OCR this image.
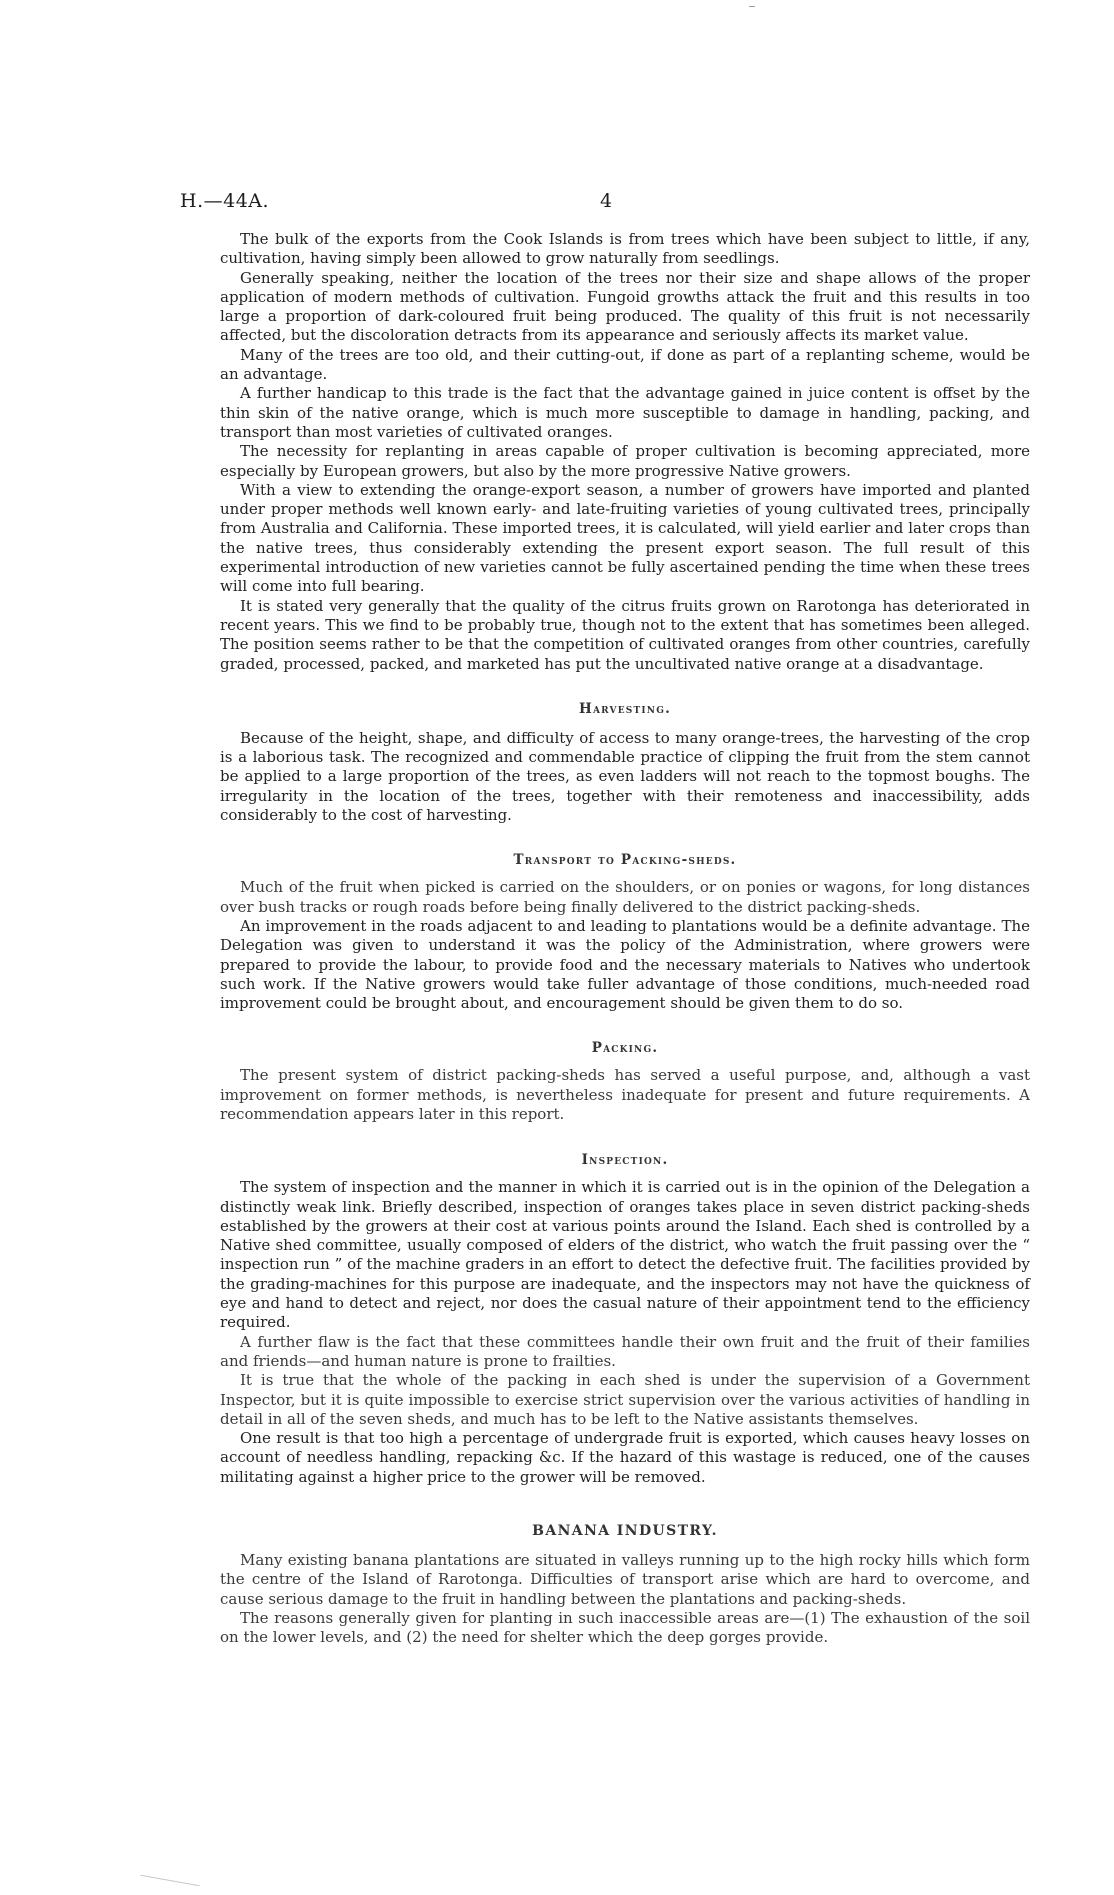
H.—44A.	4

The bulk of the exports from the Cook Islands is from trees which have been subject to little, if any, cultivation, having simply been allowed to grow naturally from seedlings.

Generally speaking, neither the location of the trees nor their size and shape allows of the proper application of modern methods of cultivation. Fungoid growths attack the fruit and this results in too large a proportion of dark-coloured fruit being produced. The quality of this fruit is not necessarily affected, but the discoloration detracts from its appearance and seriously affects its market value.

Many of the trees are too old, and their cutting-out, if done as part of a replanting scheme, would be an advantage.

A further handicap to this trade is the fact that the advantage gained in juice content is offset by the thin skin of the native orange, which is much more susceptible to damage in handling, packing, and transport than most varieties of cultivated oranges.

The necessity for replanting in areas capable of proper cultivation is becoming appreciated, more especially by European growers, but also by the more progressive Native growers.

With a view to extending the orange-export season, a number of growers have imported and planted under proper methods well known early- and late-fruiting varieties of young cultivated trees, principally from Australia and California. These imported trees, it is calculated, will yield earlier and later crops than the native trees, thus considerably extending the present export season. The full result of this experimental introduction of new varieties cannot be fully ascertained pending the time when these trees will come into full bearing.

It is stated very generally that the quality of the citrus fruits grown on Rarotonga has deteriorated in recent years. This we find to be probably true, though not to the extent that has sometimes been alleged. The position seems rather to be that the competition of cultivated oranges from other countries, carefully graded, processed, packed, and marketed has put the uncultivated native orange at a disadvantage.

Harvesting.

Because of the height, shape, and difficulty of access to many orange-trees, the harvesting of the crop is a laborious task. The recognized and commendable practice of clipping the fruit from the stem cannot be applied to a large proportion of the trees, as even ladders will not reach to the topmost boughs. The irregularity in the location of the trees, together with their remoteness and inaccessibility, adds considerably to the cost of harvesting.

Transport to Packing-sheds.

Much of the fruit when picked is carried on the shoulders, or on ponies or wagons, for long distances over bush tracks or rough roads before being finally delivered to the district packing-sheds.

An improvement in the roads adjacent to and leading to plantations would be a definite advantage. The Delegation was given to understand it was the policy of the Administration, where growers were prepared to provide the labour, to provide food and the necessary materials to Natives who undertook such work. If the Native growers would take fuller advantage of those conditions, much-needed road improvement could be brought about, and encouragement should be given them to do so.

Packing.

The present system of district packing-sheds has served a useful purpose, and, although a vast improvement on former methods, is nevertheless inadequate for present and future requirements. A recommendation appears later in this report.

Inspection.

The system of inspection and the manner in which it is carried out is in the opinion of the Delegation a distinctly weak link. Briefly described, inspection of oranges takes place in seven district packing-sheds established by the growers at their cost at various points around the Island. Each shed is controlled by a Native shed committee, usually composed of elders of the district, who watch the fruit passing over the “ inspection run ” of the machine graders in an effort to detect the defective fruit. The facilities provided by the grading-machines for this purpose are inadequate, and the inspectors may not have the quickness of eye and hand to detect and reject, nor does the casual nature of their appointment tend to the efficiency required.

A further flaw is the fact that these committees handle their own fruit and the fruit of their families and friends—and human nature is prone to frailties.

It is true that the whole of the packing in each shed is under the supervision of a Government Inspector, but it is quite impossible to exercise strict supervision over the various activities of handling in detail in all of the seven sheds, and much has to be left to the Native assistants themselves.

One result is that too high a percentage of undergrade fruit is exported, which causes heavy losses on account of needless handling, repacking &c. If the hazard of this wastage is reduced, one of the causes militating against a higher price to the grower will be removed.

BANANA INDUSTRY.

Many existing banana plantations are situated in valleys running up to the high rocky hills which form the centre of the Island of Rarotonga. Difficulties of transport arise which are hard to overcome, and cause serious damage to the fruit in handling between the plantations and packing-sheds.

The reasons generally given for planting in such inaccessible areas are—(1) The exhaustion of the soil on the lower levels, and (2) the need for shelter which the deep gorges provide.
